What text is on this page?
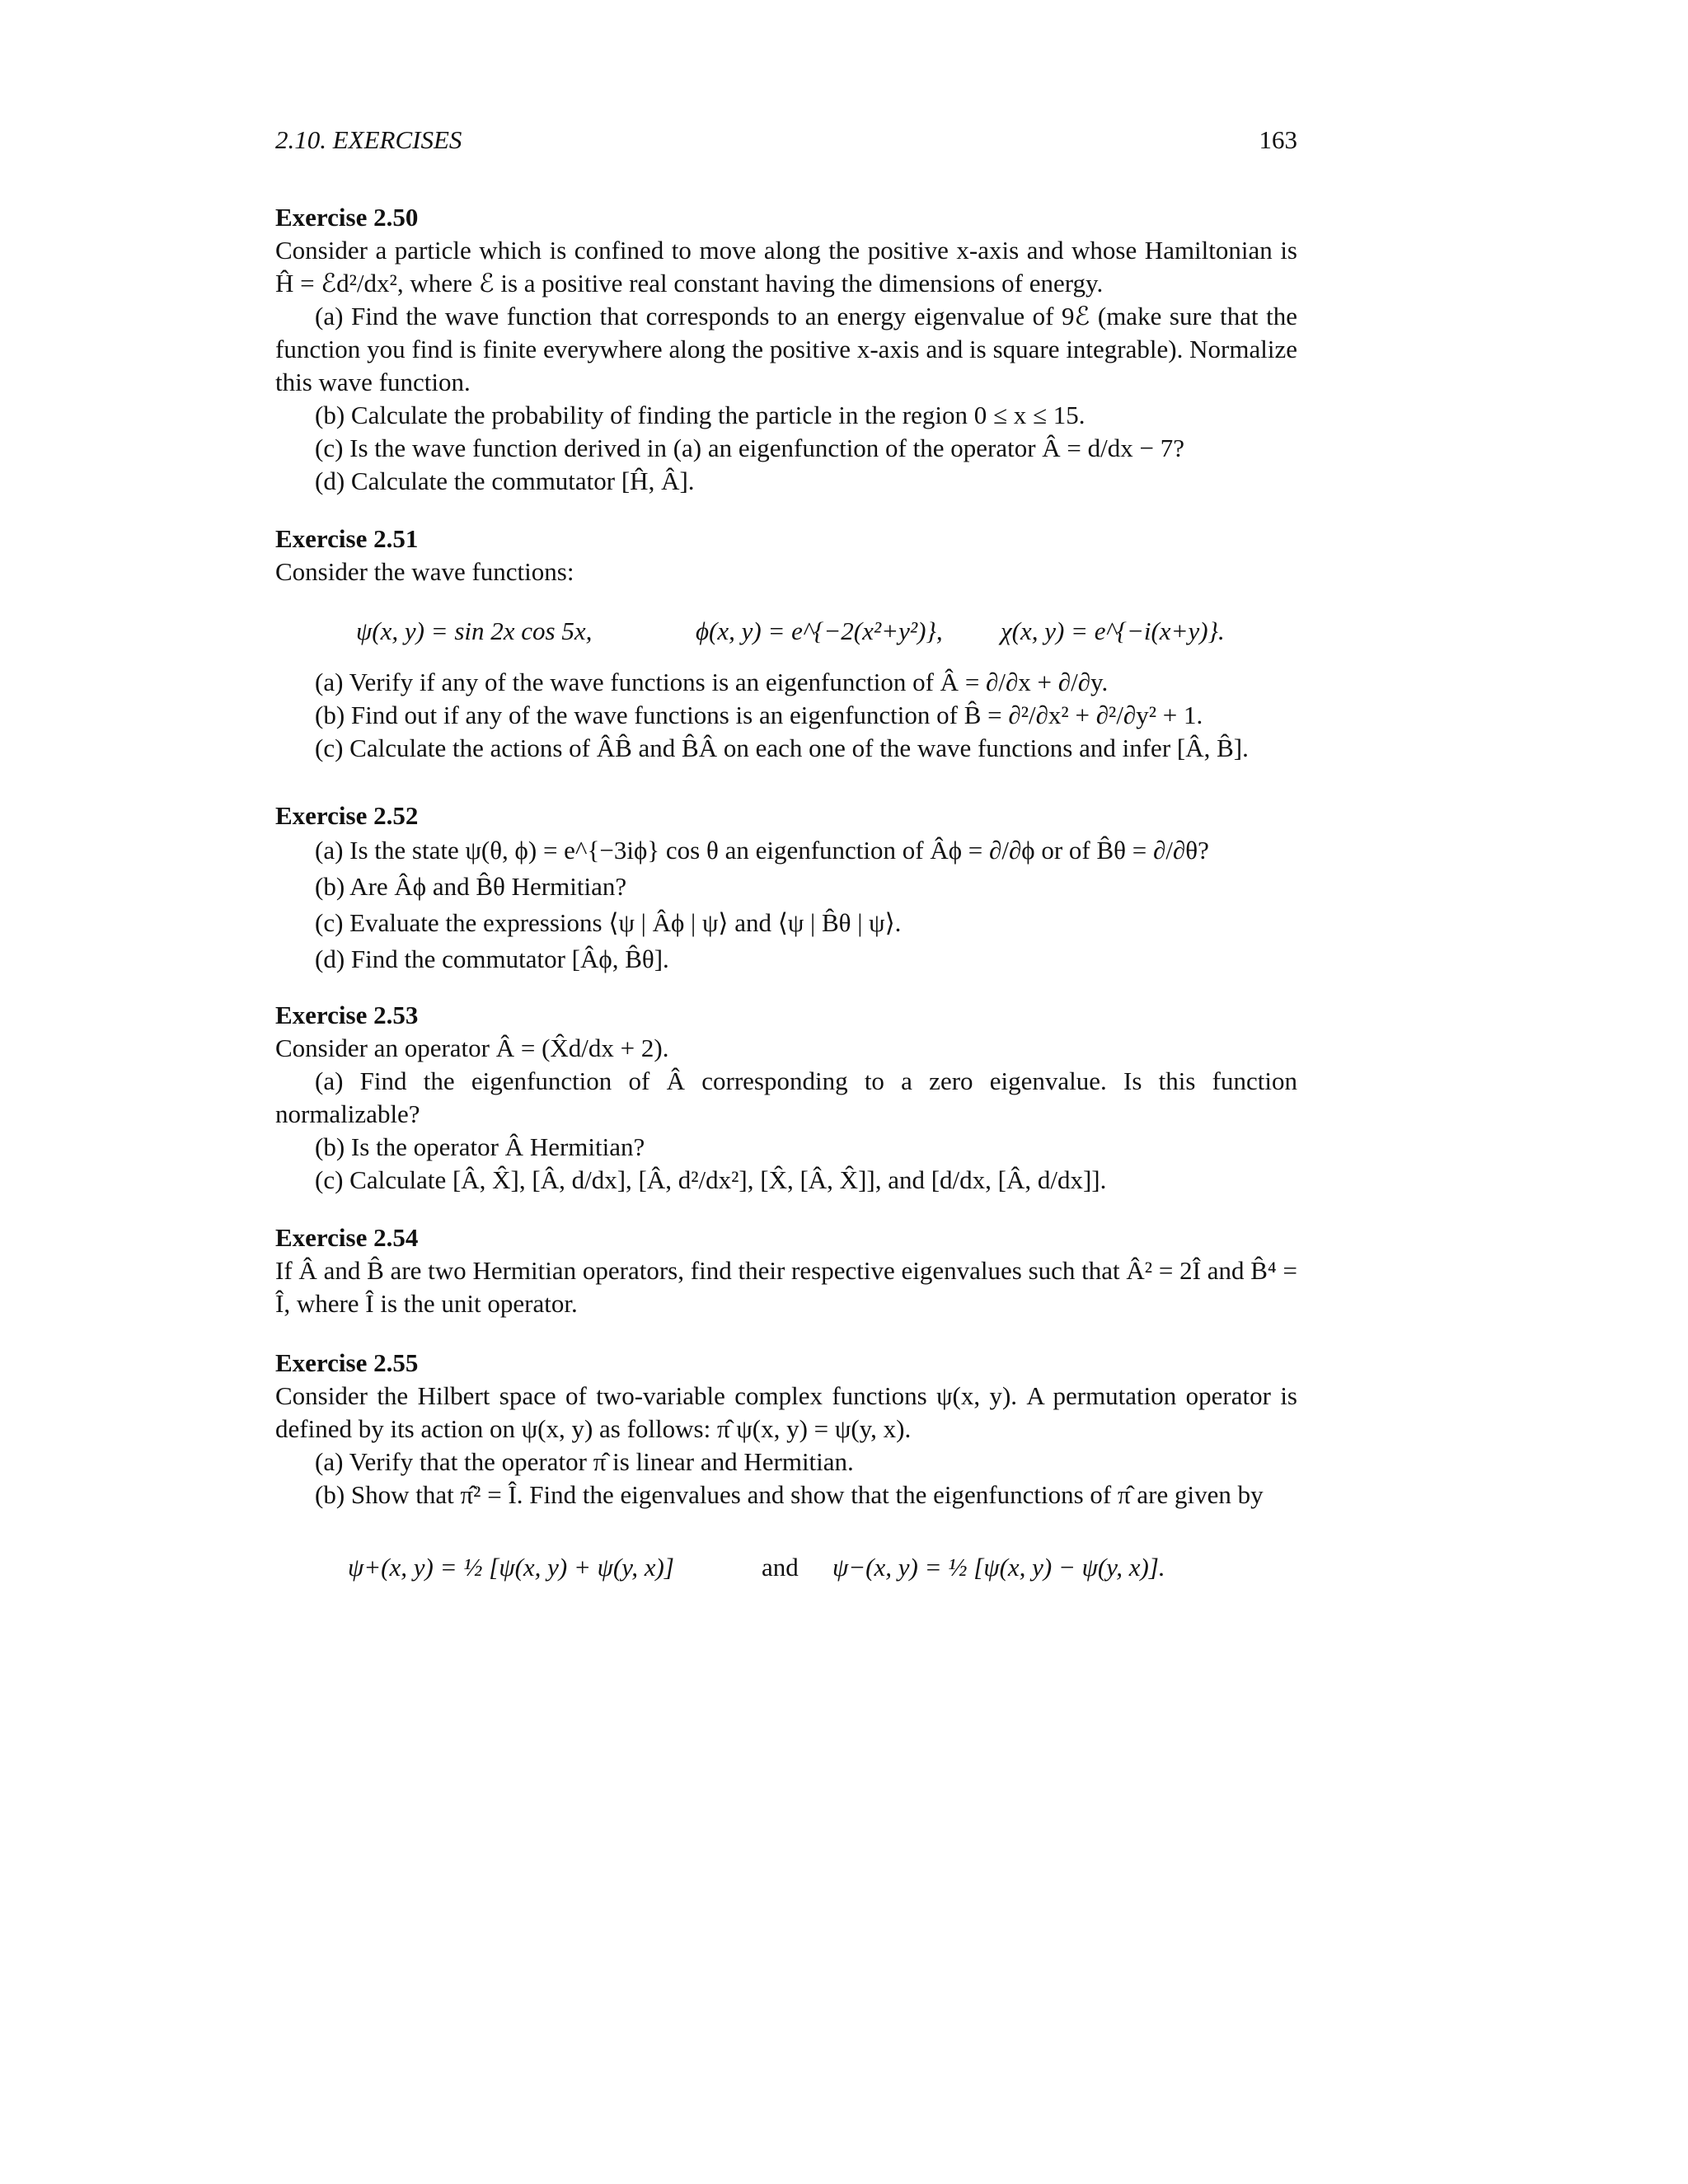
2.10. EXERCISES	163
Exercise 2.50

Consider a particle which is confined to move along the positive x-axis and whose Hamiltonian is Ĥ = ℰd²/dx², where ℰ is a positive real constant having the dimensions of energy.

(a) Find the wave function that corresponds to an energy eigenvalue of 9ℰ (make sure that the function you find is finite everywhere along the positive x-axis and is square integrable). Normalize this wave function.

(b) Calculate the probability of finding the particle in the region 0 ≤ x ≤ 15.

(c) Is the wave function derived in (a) an eigenfunction of the operator Â = d/dx − 7?

(d) Calculate the commutator [Ĥ, Â].

Exercise 2.51

Consider the wave functions:

ψ(x, y) = sin 2x cos 5x,	ϕ(x, y) = e^{−2(x²+y²)}, χ(x, y) = e^{−i(x+y)}.

(a) Verify if any of the wave functions is an eigenfunction of Â = ∂/∂x + ∂/∂y.

(b) Find out if any of the wave functions is an eigenfunction of B̂ = ∂²/∂x² + ∂²/∂y² + 1.

(c) Calculate the actions of ÂB̂ and B̂Â on each one of the wave functions and infer [Â, B̂].

Exercise 2.52

(a) Is the state ψ(θ, ϕ) = e^{−3iϕ} cos θ an eigenfunction of Âϕ = ∂/∂ϕ or of B̂θ = ∂/∂θ?

(b) Are Âϕ and B̂θ Hermitian?

(c) Evaluate the expressions ⟨ψ | Âϕ | ψ⟩ and ⟨ψ | B̂θ | ψ⟩.

(d) Find the commutator [Âϕ, B̂θ].

Exercise 2.53

Consider an operator Â = (X̂d/dx + 2).

(a) Find the eigenfunction of Â corresponding to a zero eigenvalue. Is this function normalizable?

(b) Is the operator Â Hermitian?

(c) Calculate [Â, X̂], [Â, d/dx], [Â, d²/dx²], [X̂, [Â, X̂]], and [d/dx, [Â, d/dx]].

Exercise 2.54

If Â and B̂ are two Hermitian operators, find their respective eigenvalues such that Â² = 2Î and B̂⁴ = Î, where Î is the unit operator.

Exercise 2.55

Consider the Hilbert space of two-variable complex functions ψ(x, y). A permutation operator is defined by its action on ψ(x, y) as follows: π̂ ψ(x, y) = ψ(y, x).

(a) Verify that the operator π̂ is linear and Hermitian.

(b) Show that π̂² = Î. Find the eigenvalues and show that the eigenfunctions of π̂ are given by

ψ+(x, y) = ½ [ψ(x, y) + ψ(y, x)]	and ψ−(x, y) = ½ [ψ(x, y) − ψ(y, x)].
